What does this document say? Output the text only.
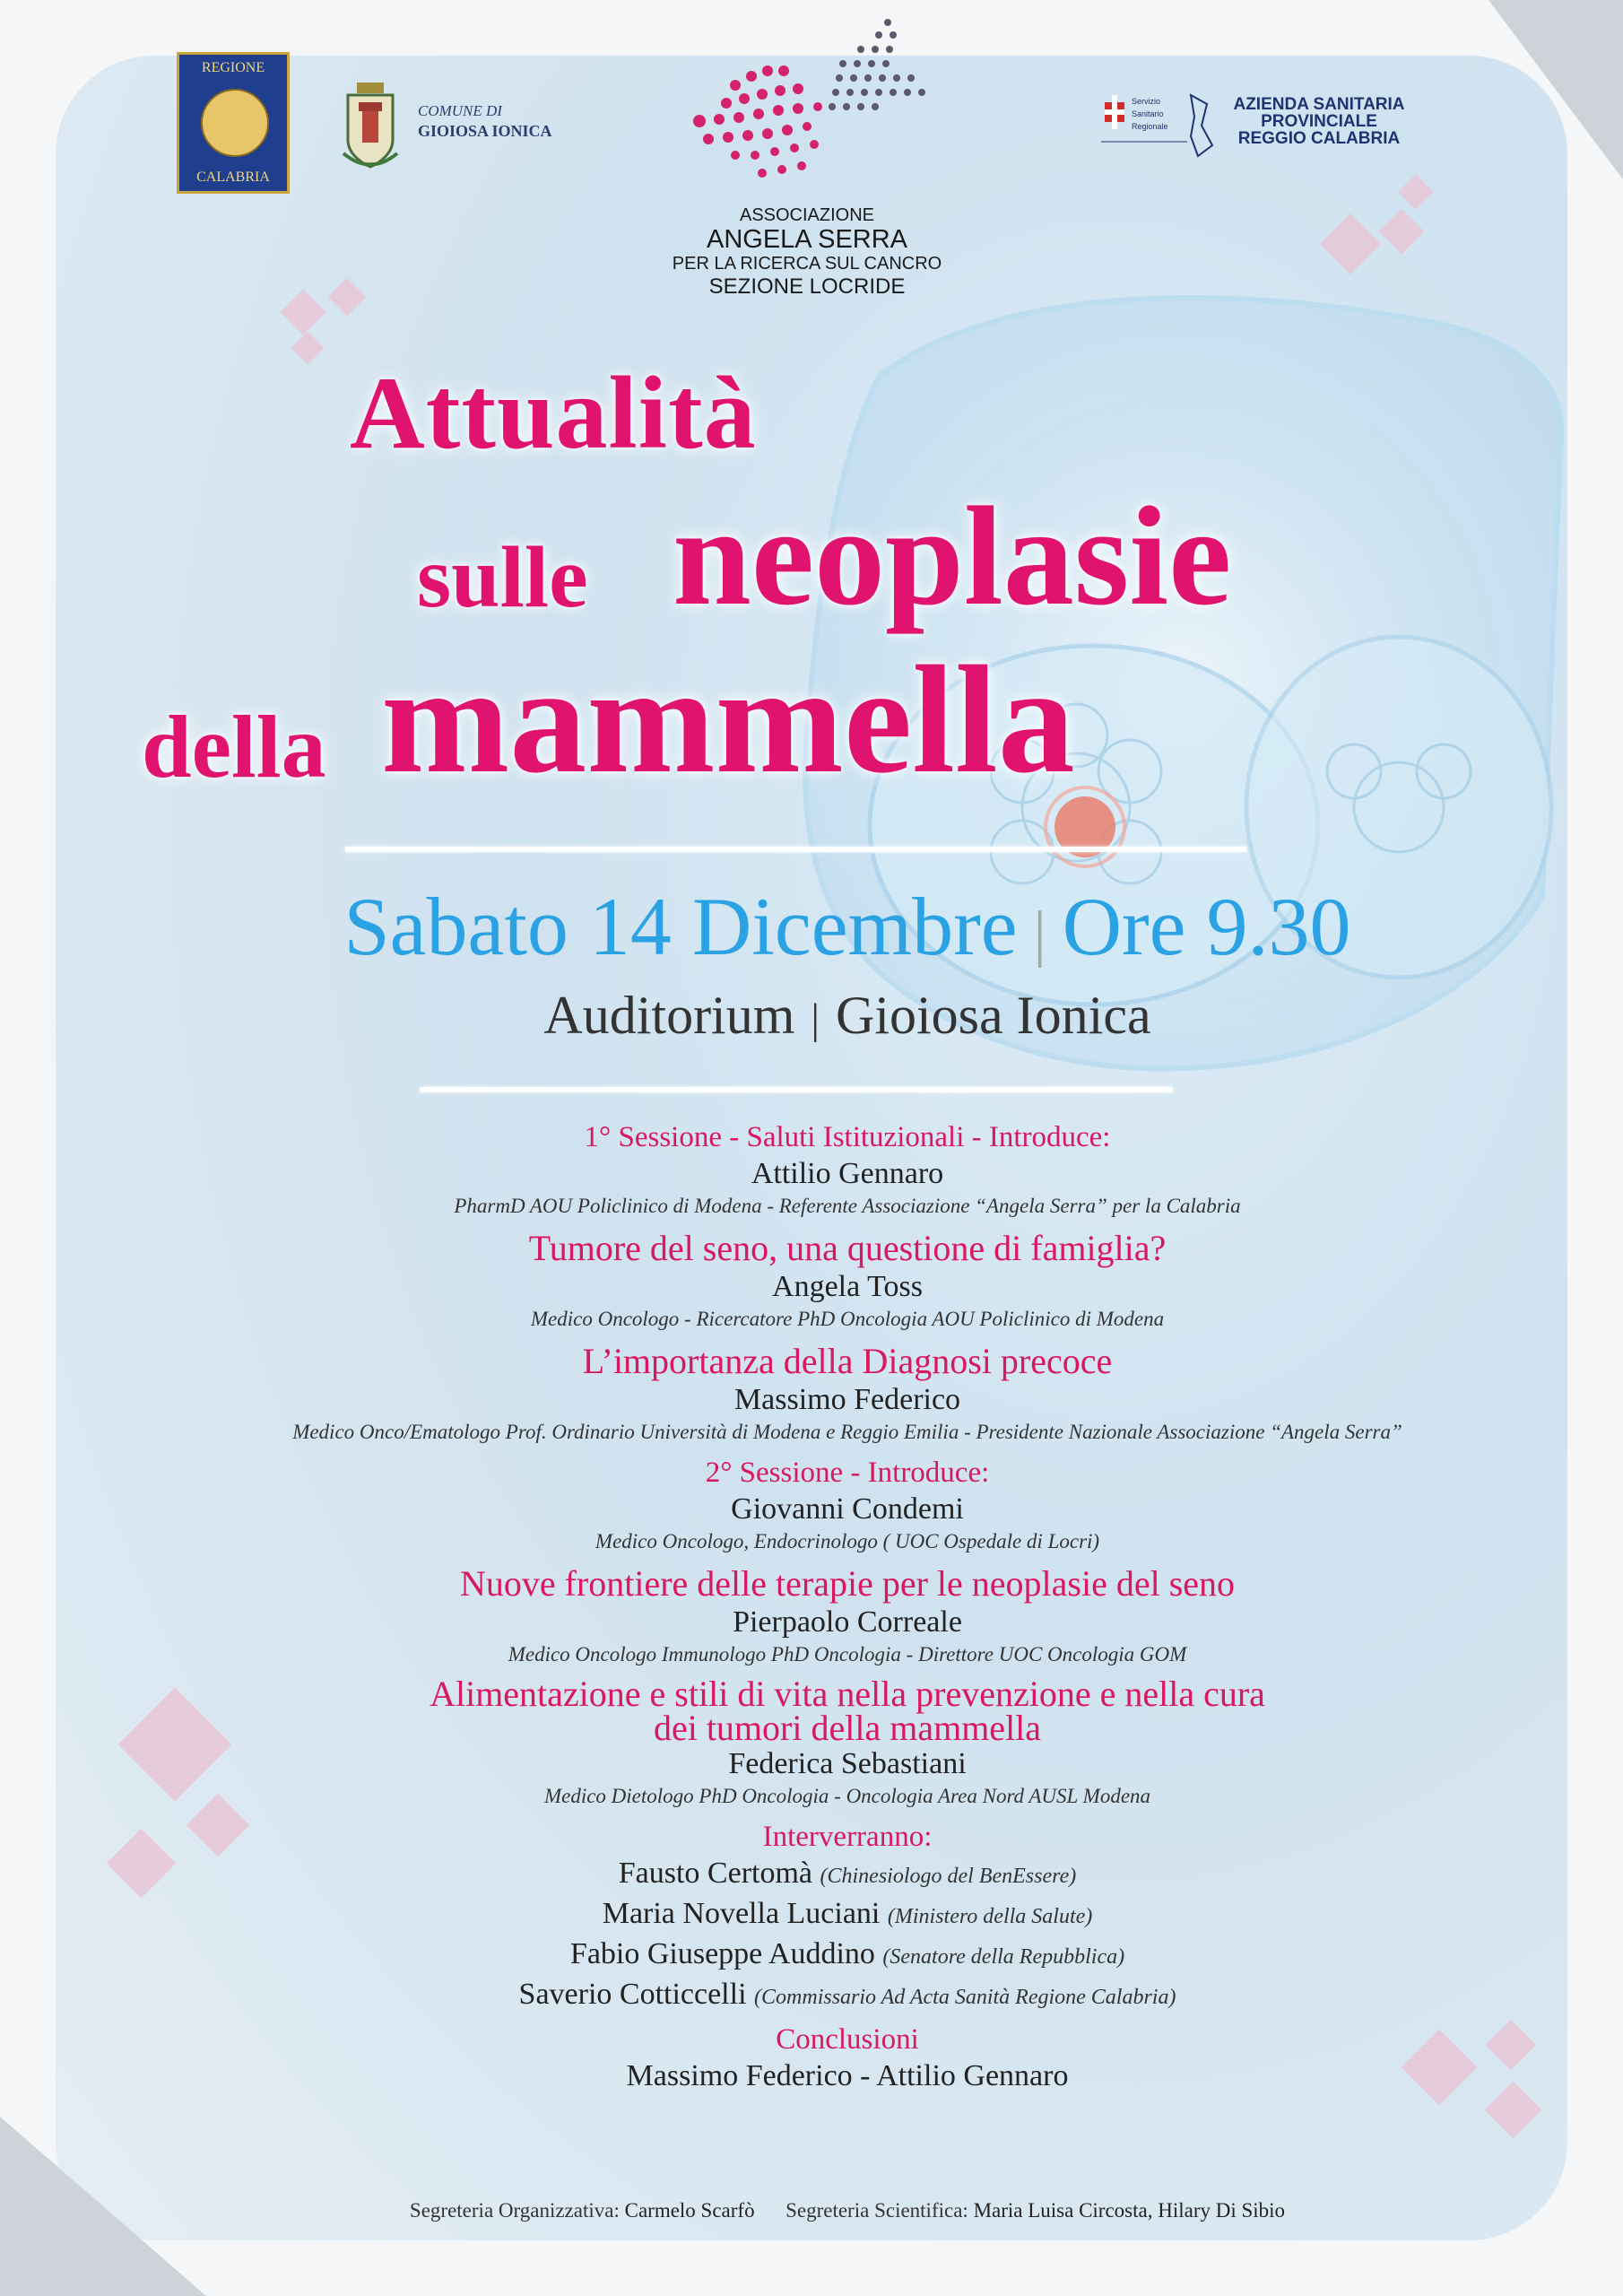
REGIONE
CALABRIA
COMUNE DI
GIOIOSA IONICA
ASSOCIAZIONE
ANGELA SERRA
PER LA RICERCA SUL CANCRO
SEZIONE LOCRIDE
Servizio
Sanitario
Regionale
AZIENDA SANITARIA
PROVINCIALE
REGGIO CALABRIA
Attualità
sulle neoplasie
della mammella
Sabato 14 Dicembre | Ore 9.30
Auditorium | Gioiosa Ionica
1° Sessione - Saluti Istituzionali - Introduce:
Attilio Gennaro
PharmD AOU Policlinico di Modena - Referente Associazione “Angela Serra” per la Calabria
Tumore del seno, una questione di famiglia?
Angela Toss
Medico Oncologo - Ricercatore PhD Oncologia AOU Policlinico di Modena
L’importanza della Diagnosi precoce
Massimo Federico
Medico Onco/Ematologo Prof. Ordinario Università di Modena e Reggio Emilia - Presidente Nazionale Associazione “Angela Serra”
2° Sessione - Introduce:
Giovanni Condemi
Medico Oncologo, Endocrinologo ( UOC Ospedale di Locri)
Nuove frontiere delle terapie per le neoplasie del seno
Pierpaolo Correale
Medico Oncologo Immunologo PhD Oncologia - Direttore UOC Oncologia GOM
Alimentazione e stili di vita nella prevenzione e nella cura
dei tumori della mammella
Federica Sebastiani
Medico Dietologo PhD Oncologia - Oncologia Area Nord AUSL Modena
Interverranno:
Fausto Certomà (Chinesiologo del BenEssere)
Maria Novella Luciani (Ministero della Salute)
Fabio Giuseppe Auddino (Senatore della Repubblica)
Saverio Cotticcelli (Commissario Ad Acta Sanità Regione Calabria)
Conclusioni
Massimo Federico - Attilio Gennaro
Segreteria Organizzativa: Carmelo Scarfò Segreteria Scientifica: Maria Luisa Circosta, Hilary Di Sibio
